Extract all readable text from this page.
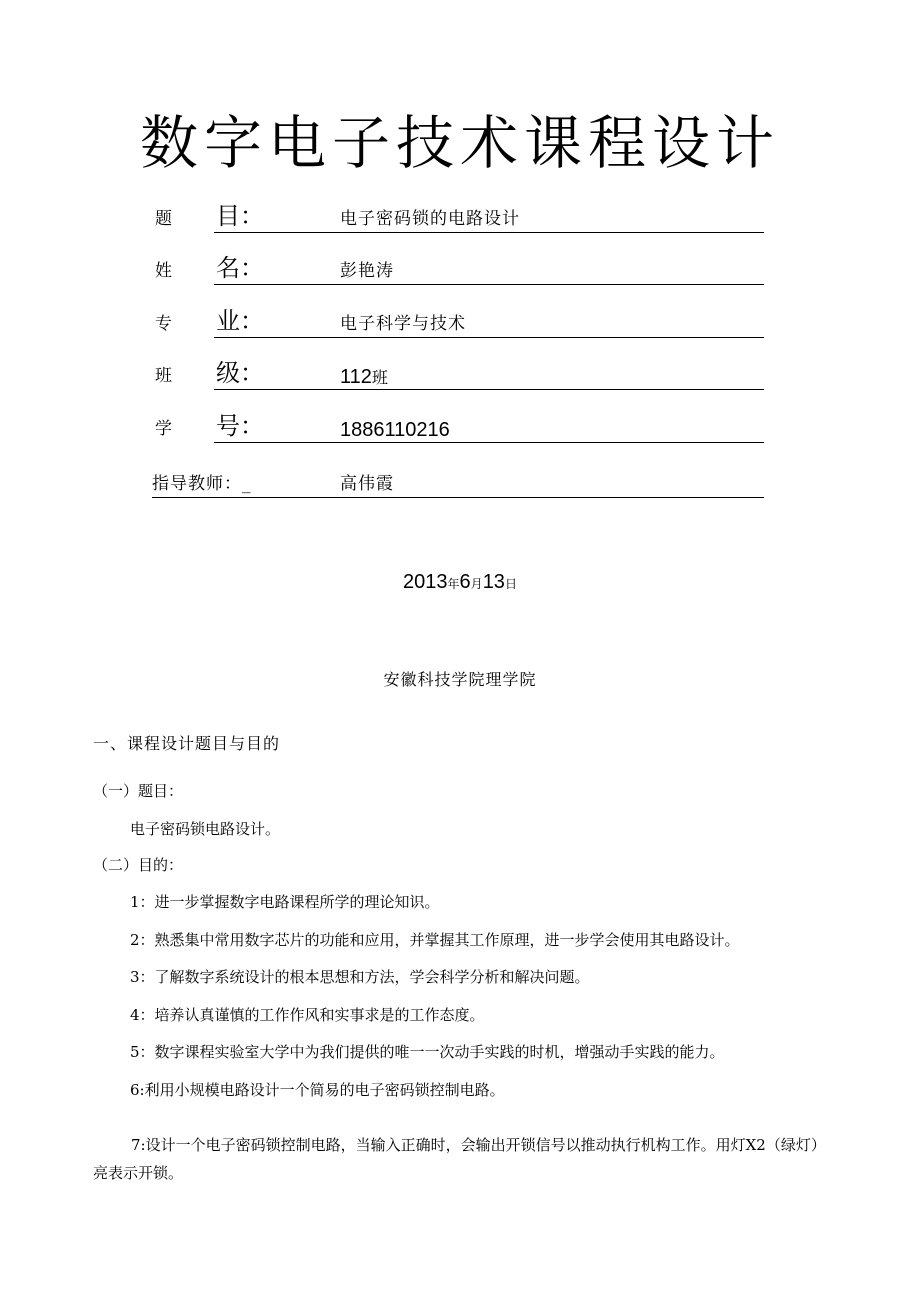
数字电子技术课程设计
题 目：	电子密码锁的电路设计
姓 名：	彭艳涛
专 业：	电子科学与技术
班 级：	112班
学 号：	1886110216
指导教师：_	高伟霞
2013年6月13日
安徽科技学院理学院
一、课程设计题目与目的
（一）题目：
电子密码锁电路设计。
（二）目的：
1：进一步掌握数字电路课程所学的理论知识。
2：熟悉集中常用数字芯片的功能和应用，并掌握其工作原理，进一步学会使用其电路设计。
3：了解数字系统设计的根本思想和方法，学会科学分析和解决问题。
4：培养认真谨慎的工作作风和实事求是的工作态度。
5：数字课程实验室大学中为我们提供的唯一一次动手实践的时机，增强动手实践的能力。
6:利用小规模电路设计一个简易的电子密码锁控制电路。
7:设计一个电子密码锁控制电路，当输入正确时，会输出开锁信号以推动执行机构工作。用灯X2（绿灯）亮表示开锁。
